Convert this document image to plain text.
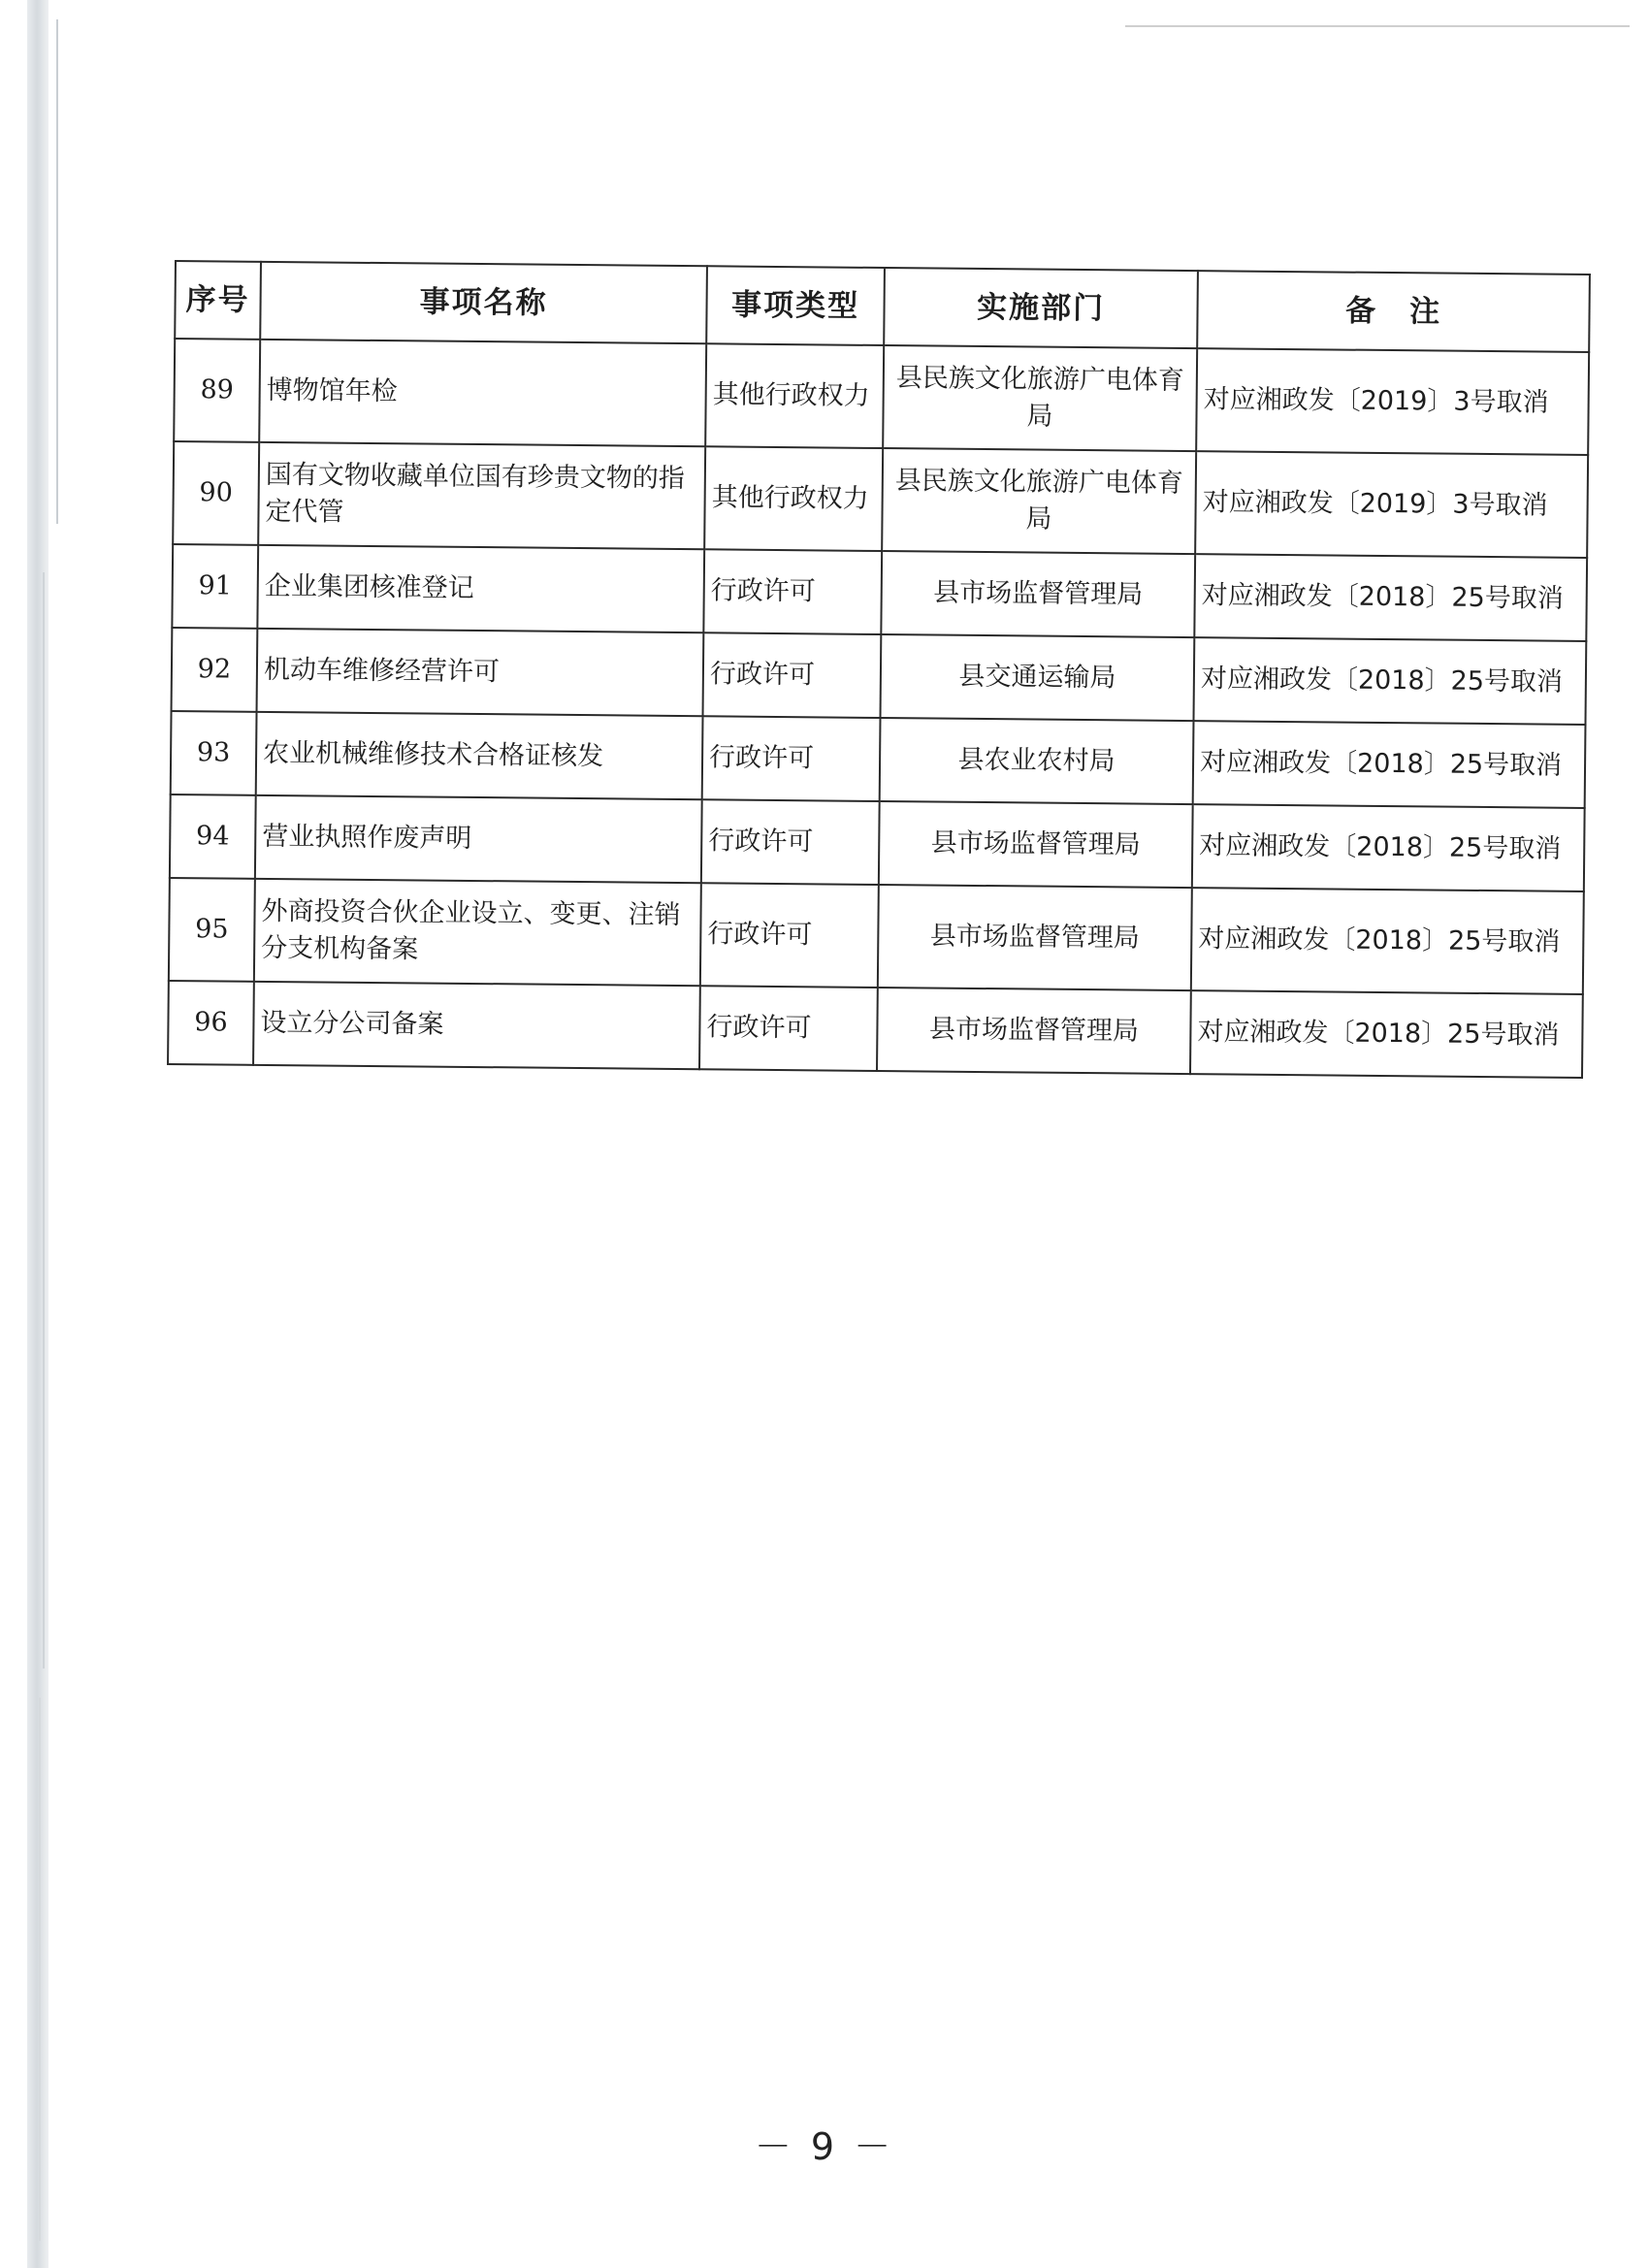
序号	事项名称	事项类型	实施部门	备　注
89	博物馆年检	其他行政权力	县民族文化旅游广电体育局	对应湘政发〔2019〕3号取消
90	国有文物收藏单位国有珍贵文物的指定代管	其他行政权力	县民族文化旅游广电体育局	对应湘政发〔2019〕3号取消
91	企业集团核准登记	行政许可	县市场监督管理局	对应湘政发〔2018〕25号取消
92	机动车维修经营许可	行政许可	县交通运输局	对应湘政发〔2018〕25号取消
93	农业机械维修技术合格证核发	行政许可	县农业农村局	对应湘政发〔2018〕25号取消
94	营业执照作废声明	行政许可	县市场监督管理局	对应湘政发〔2018〕25号取消
95	外商投资合伙企业设立、变更、注销分支机构备案	行政许可	县市场监督管理局	对应湘政发〔2018〕25号取消
96	设立分公司备案	行政许可	县市场监督管理局	对应湘政发〔2018〕25号取消
－ 9 －
